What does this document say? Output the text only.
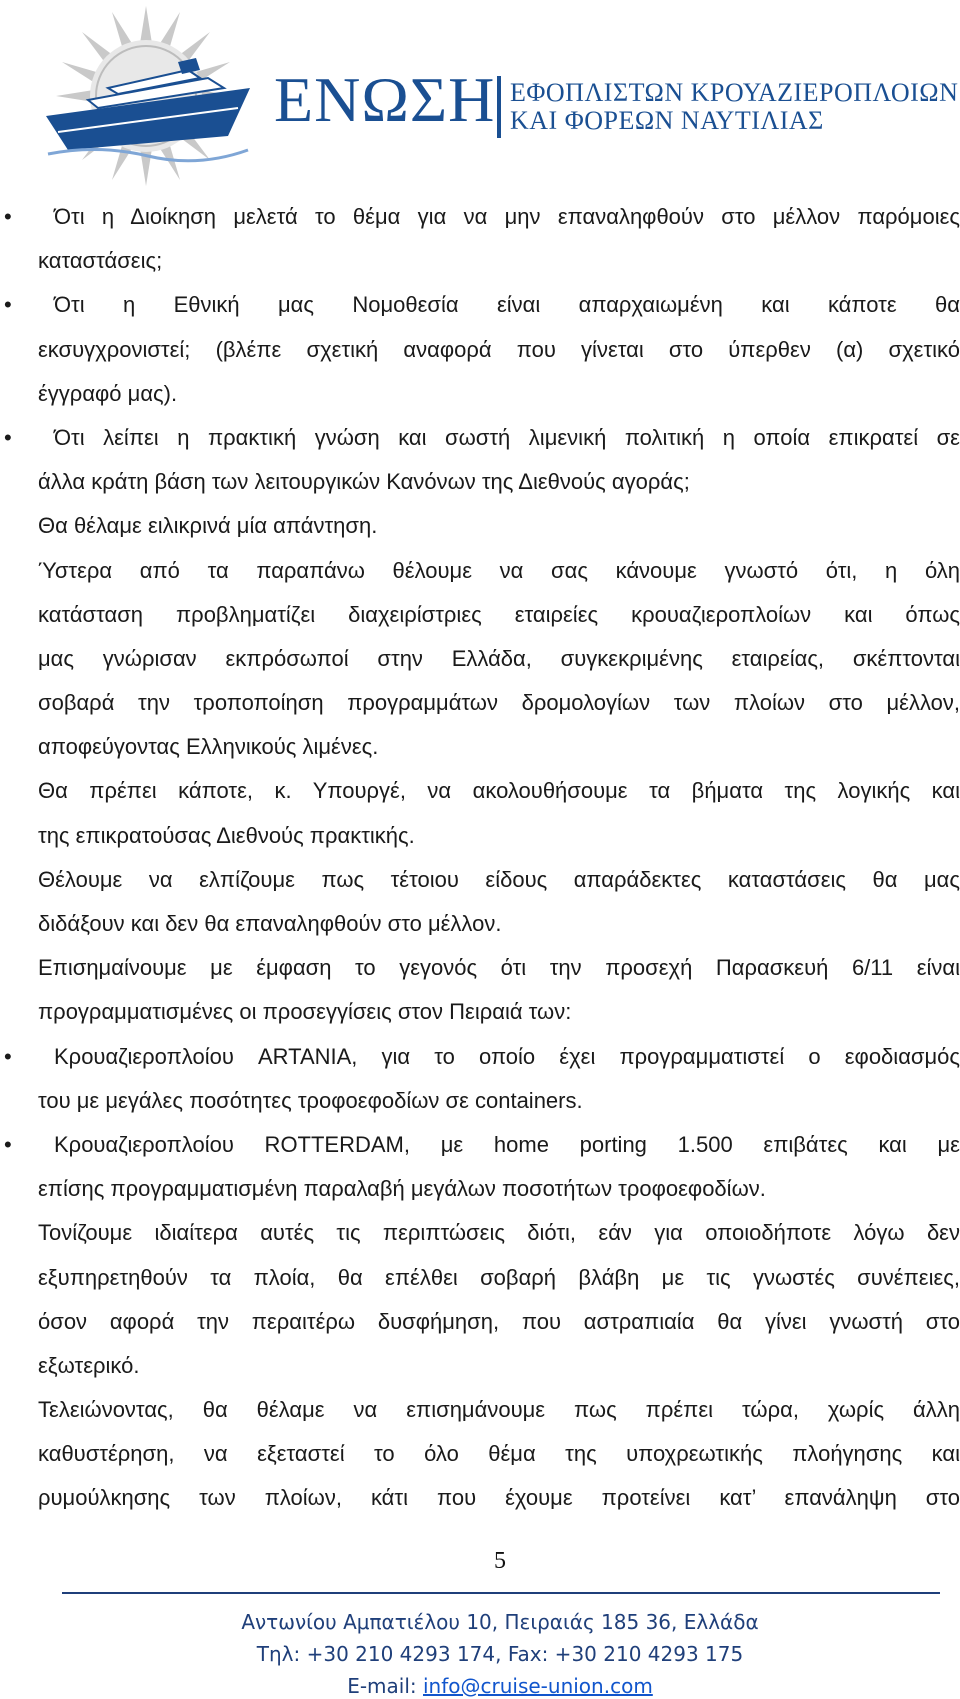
ΕΝΩΣΗ ΕΦΟΠΛΙΣΤΩΝ ΚΡΟΥΑΖΙΕΡΟΠΛΟΙΩΝ
ΚΑΙ ΦΟΡΕΩΝ ΝΑΥΤΙΛΙΑΣ
• Ότι η Διοίκηση μελετά το θέμα για να μην επαναληφθούν στο μέλλον παρόμοιες
καταστάσεις;
• Ότι η Εθνική μας Νομοθεσία είναι απαρχαιωμένη και κάποτε θα
εκσυγχρονιστεί; (βλέπε σχετική αναφορά που γίνεται στο ύπερθεν (α) σχετικό
έγγραφό μας).
• Ότι λείπει η πρακτική γνώση και σωστή λιμενική πολιτική η οποία επικρατεί σε
άλλα κράτη βάση των λειτουργικών Κανόνων της Διεθνούς αγοράς;
Θα θέλαμε ειλικρινά μία απάντηση.
Ύστερα από τα παραπάνω θέλουμε να σας κάνουμε γνωστό ότι, η όλη
κατάσταση προβληματίζει διαχειρίστριες εταιρείες κρουαζιεροπλοίων και όπως
μας γνώρισαν εκπρόσωποί στην Ελλάδα, συγκεκριμένης εταιρείας, σκέπτονται
σοβαρά την τροποποίηση προγραμμάτων δρομολογίων των πλοίων στο μέλλον,
αποφεύγοντας Ελληνικούς λιμένες.
Θα πρέπει κάποτε, κ. Υπουργέ, να ακολουθήσουμε τα βήματα της λογικής και
της επικρατούσας Διεθνούς πρακτικής.
Θέλουμε να ελπίζουμε πως τέτοιου είδους απαράδεκτες καταστάσεις θα μας
διδάξουν και δεν θα επαναληφθούν στο μέλλον.
Επισημαίνουμε με έμφαση το γεγονός ότι την προσεχή Παρασκευή 6/11 είναι
προγραμματισμένες οι προσεγγίσεις στον Πειραιά των:
• Κρουαζιεροπλοίου ARTANIA, για το οποίο έχει προγραμματιστεί ο εφοδιασμός
του με μεγάλες ποσότητες τροφοεφοδίων σε containers.
• Κρουαζιεροπλοίου ROTTERDAM, με home porting 1.500 επιβάτες και με
επίσης προγραμματισμένη παραλαβή μεγάλων ποσοτήτων τροφοεφοδίων.
Τονίζουμε ιδιαίτερα αυτές τις περιπτώσεις διότι, εάν για οποιοδήποτε λόγω δεν
εξυπηρετηθούν τα πλοία, θα επέλθει σοβαρή βλάβη με τις γνωστές συνέπειες,
όσον αφορά την περαιτέρω δυσφήμηση, που αστραπιαία θα γίνει γνωστή στο
εξωτερικό.
Τελειώνοντας, θα θέλαμε να επισημάνουμε πως πρέπει τώρα, χωρίς άλλη
καθυστέρηση, να εξεταστεί το όλο θέμα της υποχρεωτικής πλοήγησης και
ρυμούλκησης των πλοίων, κάτι που έχουμε προτείνει κατ’ επανάληψη στο
5
Αντωνίου Αμπατιέλου 10, Πειραιάς 185 36, Ελλάδα
Τηλ: +30 210 4293 174, Fax: +30 210 4293 175
E-mail: info@cruise-union.com
